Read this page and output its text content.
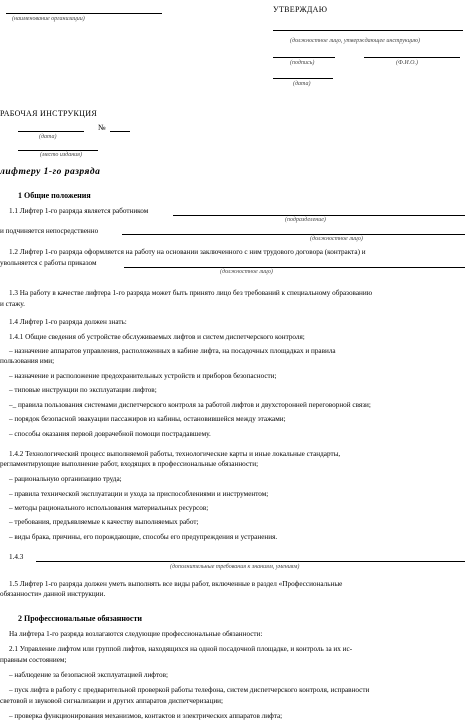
(наименование организации)
УТВЕРЖДАЮ
(должностное лицо, утверждающее инструкцию)
(подпись)	(Ф.И.О.)
(дата)
РАБОЧАЯ ИНСТРУКЦИЯ
№
(дата)
(место издания)
лифтеру 1-го разряда
1 Общие положения
1.1 Лифтер 1-го разряда является работником
(подразделение)
и подчиняется непосредственно
(должностное лицо)
1.2 Лифтер 1-го разряда оформляется на работу на основании заключенного с ним трудового договора (контракта) и
увольняется с работы приказом
(должностное лицо)
1.3 На работу в качестве лифтера 1-го разряда может быть принято лицо без требований к специальному образованию
и стажу.
1.4 Лифтер 1-го разряда должен знать:
1.4.1 Общие сведения об устройстве обслуживаемых лифтов и систем диспетчерского контроля;
– назначение аппаратов управления, расположенных в кабине лифта, на посадочных площадках и правила
пользования ими;
– назначение и расположение предохранительных устройств и приборов безопасности;
– типовые инструкции по эксплуатации лифтов;
–_ правила пользования системами диспетчерского контроля за работой лифтов и двухсторонней переговорной связи;
– порядок безопасной эвакуации пассажиров из кабины, остановившейся между этажами;
– способы оказания первой доврачебной помощи пострадавшему.
1.4.2 Технологический процесс выполняемой работы, технологические карты и иные локальные стандарты,
регламентирующие выполнение работ, входящих в профессиональные обязанности;
– рациональную организацию труда;
– правила технической эксплуатации и ухода за приспособлениями и инструментом;
– методы рационального использования материальных ресурсов;
– требования, предъявляемые к качеству выполняемых работ;
– виды брака, причины, его порождающие, способы его предупреждения и устранения.
1.4.3
(дополнительные требования к знаниям, умениям)
1.5 Лифтер 1-го разряда должен уметь выполнять все виды работ, включенные в раздел «Профессиональные
обязанности» данной инструкции.
2 Профессиональные обязанности
На лифтера 1-го разряда возлагаются следующие профессиональные обязанности:
2.1 Управление лифтом или группой лифтов, находящихся на одной посадочной площадке, и контроль за их ис-
правным состоянием;
– наблюдение за безопасной эксплуатацией лифтов;
– пуск лифта в работу с предварительной проверкой работы телефона, систем диспетчерского контроля, исправности
световой и звуковой сигнализации и других аппаратов диспетчеризации;
– проверка функционирования механизмов, контактов и электрических аппаратов лифта;
